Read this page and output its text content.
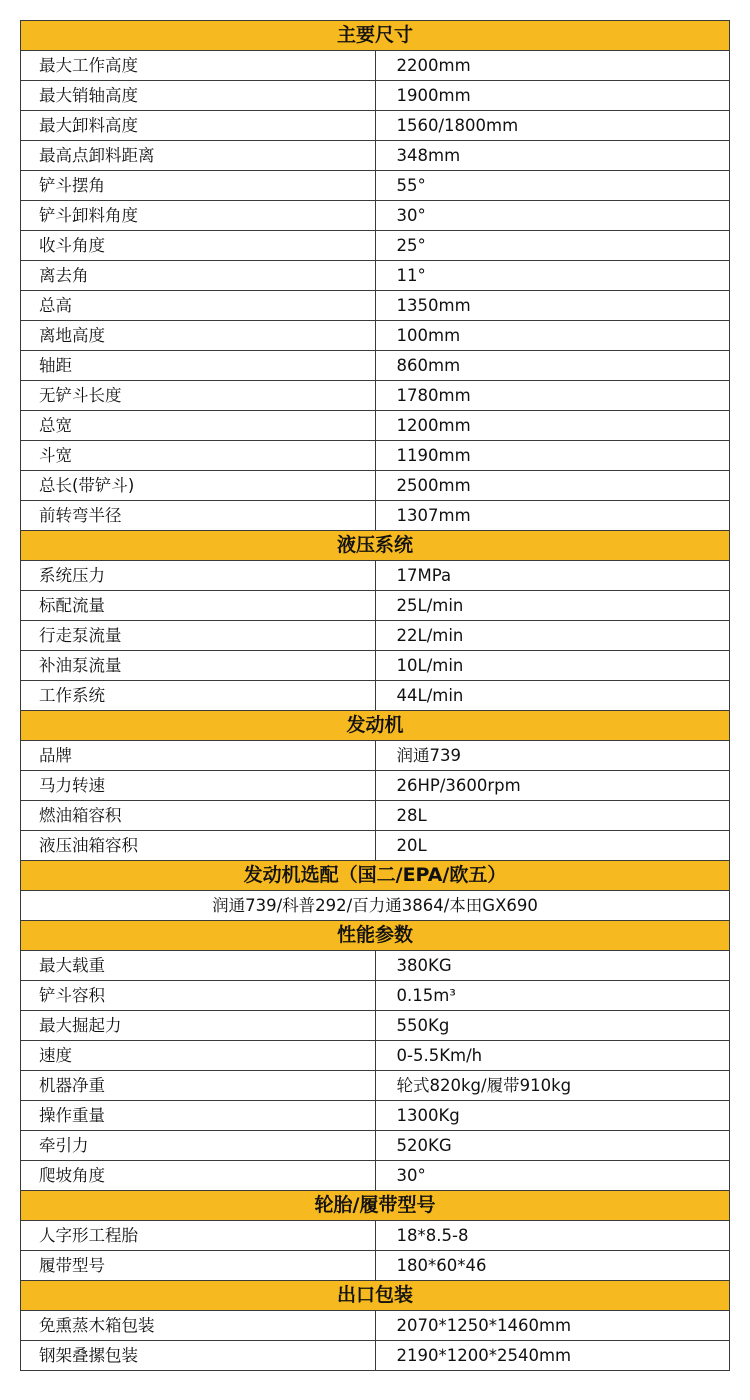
主要尺寸	
最大工作高度	2200mm
最大销轴高度	1900mm
最大卸料高度	1560/1800mm
最高点卸料距离	348mm
铲斗摆角	55°
铲斗卸料角度	30°
收斗角度	25°
离去角	11°
总高	1350mm
离地高度	100mm
轴距	860mm
无铲斗长度	1780mm
总宽	1200mm
斗宽	1190mm
总长(带铲斗)	2500mm
前转弯半径	1307mm
液压系统	
系统压力	17MPa
标配流量	25L/min
行走泵流量	22L/min
补油泵流量	10L/min
工作系统	44L/min
发动机	
品牌	润通739
马力转速	26HP/3600rpm
燃油箱容积	28L
液压油箱容积	20L
发动机选配（国二/EPA/欧五）	
润通739/科普292/百力通3864/本田GX690	
性能参数	
最大载重	380KG
铲斗容积	0.15m³
最大掘起力	550Kg
速度	0-5.5Km/h
机器净重	轮式820kg/履带910kg
操作重量	1300Kg
牵引力	520KG
爬坡角度	30°
轮胎/履带型号	
人字形工程胎	18*8.5-8
履带型号	180*60*46
出口包装	
免熏蒸木箱包装	2070*1250*1460mm
钢架叠摞包装	2190*1200*2540mm
